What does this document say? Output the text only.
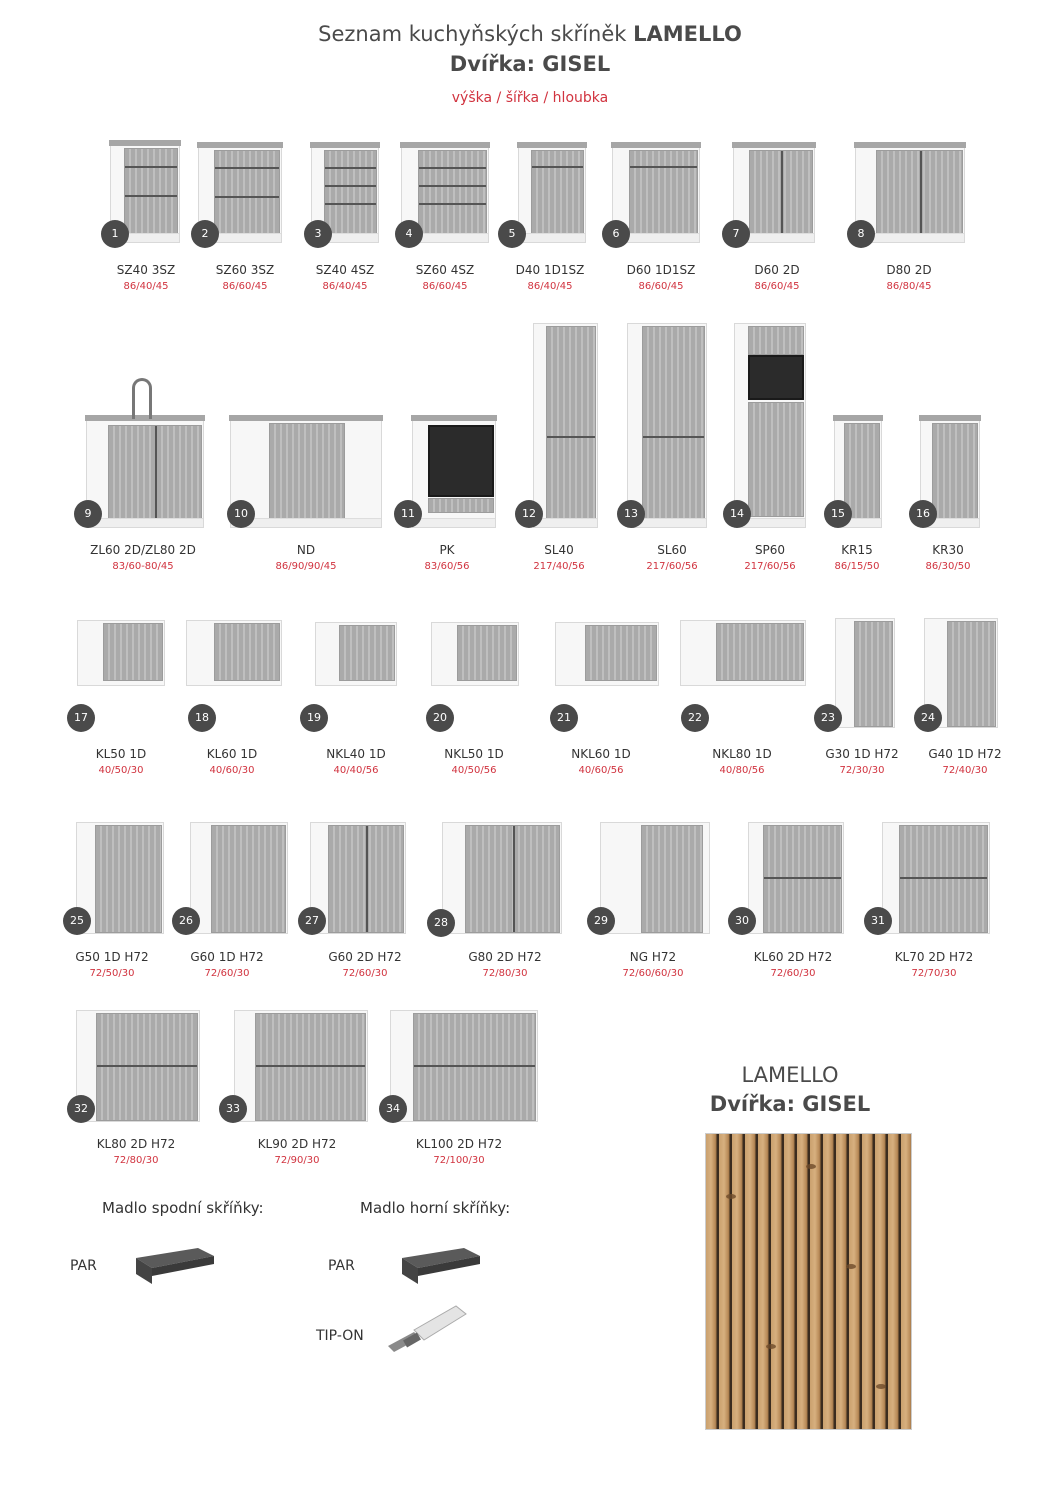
Seznam kuchyňských skříněk LAMELLO
Dvířka: GISEL
výška / šířka / hloubka
1
SZ40 3SZ
86/40/45
2
SZ60 3SZ
86/60/45
3
SZ40 4SZ
86/40/45
4
SZ60 4SZ
86/60/45
5
D40 1D1SZ
86/40/45
6
D60 1D1SZ
86/60/45
7
D60 2D
86/60/45
8
D80 2D
86/80/45
9
ZL60 2D/ZL80 2D
83/60-80/45
10
ND
86/90/90/45
11
PK
83/60/56
12
SL40
217/40/56
13
SL60
217/60/56
14
SP60
217/60/56
15
KR15
86/15/50
16
KR30
86/30/50
17
KL50 1D
40/50/30
18
KL60 1D
40/60/30
19
NKL40 1D
40/40/56
20
NKL50 1D
40/50/56
21
NKL60 1D
40/60/56
22
NKL80 1D
40/80/56
23
G30 1D H72
72/30/30
24
G40 1D H72
72/40/30
25
G50 1D H72
72/50/30
26
G60 1D H72
72/60/30
27
G60 2D H72
72/60/30
28
G80 2D H72
72/80/30
29
NG H72
72/60/60/30
30
KL60 2D H72
72/60/30
31
KL70 2D H72
72/70/30
32
KL80 2D H72
72/80/30
33
KL90 2D H72
72/90/30
34
KL100 2D H72
72/100/30
Madlo spodní skříňky:	Madlo horní skříňky:
PAR	PAR
TIP-ON
LAMELLO
Dvířka: GISEL
